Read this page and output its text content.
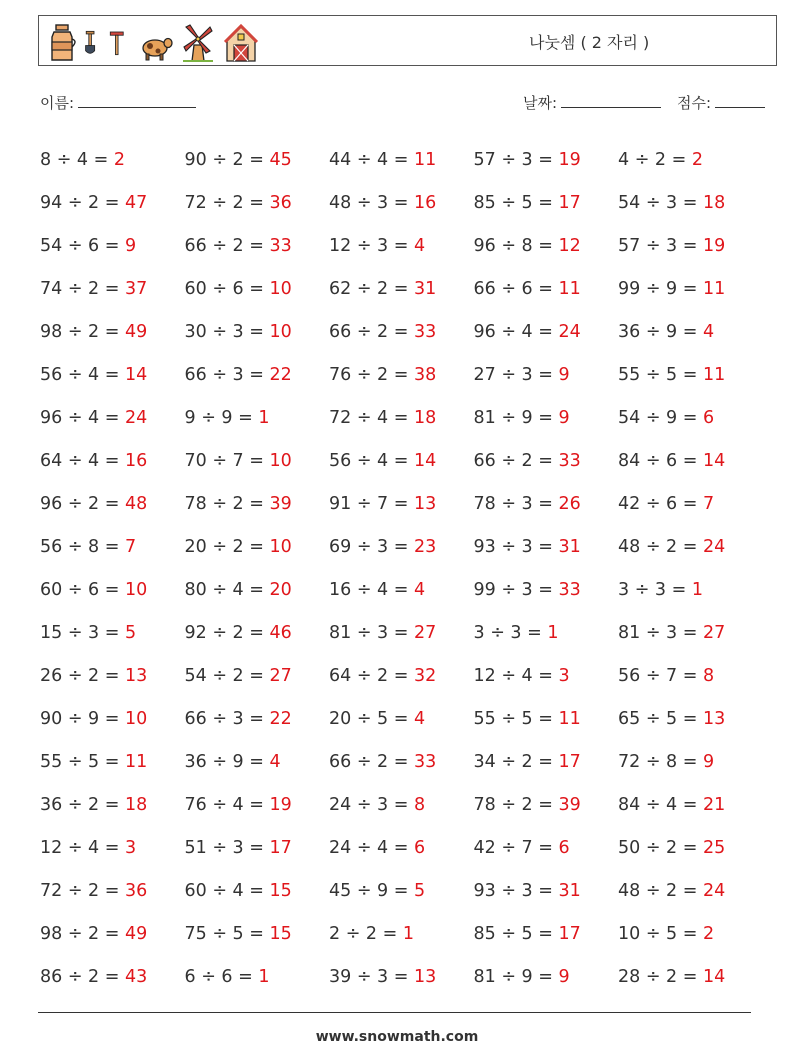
나눗셈 ( 2 자리 )
이름:	날짜:	점수:
8 ÷ 4 = 2	90 ÷ 2 = 45	44 ÷ 4 = 11	57 ÷ 3 = 19	4 ÷ 2 = 2
94 ÷ 2 = 47	72 ÷ 2 = 36	48 ÷ 3 = 16	85 ÷ 5 = 17	54 ÷ 3 = 18
54 ÷ 6 = 9	66 ÷ 2 = 33	12 ÷ 3 = 4	96 ÷ 8 = 12	57 ÷ 3 = 19
74 ÷ 2 = 37	60 ÷ 6 = 10	62 ÷ 2 = 31	66 ÷ 6 = 11	99 ÷ 9 = 11
98 ÷ 2 = 49	30 ÷ 3 = 10	66 ÷ 2 = 33	96 ÷ 4 = 24	36 ÷ 9 = 4
56 ÷ 4 = 14	66 ÷ 3 = 22	76 ÷ 2 = 38	27 ÷ 3 = 9	55 ÷ 5 = 11
96 ÷ 4 = 24	9 ÷ 9 = 1	72 ÷ 4 = 18	81 ÷ 9 = 9	54 ÷ 9 = 6
64 ÷ 4 = 16	70 ÷ 7 = 10	56 ÷ 4 = 14	66 ÷ 2 = 33	84 ÷ 6 = 14
96 ÷ 2 = 48	78 ÷ 2 = 39	91 ÷ 7 = 13	78 ÷ 3 = 26	42 ÷ 6 = 7
56 ÷ 8 = 7	20 ÷ 2 = 10	69 ÷ 3 = 23	93 ÷ 3 = 31	48 ÷ 2 = 24
60 ÷ 6 = 10	80 ÷ 4 = 20	16 ÷ 4 = 4	99 ÷ 3 = 33	3 ÷ 3 = 1
15 ÷ 3 = 5	92 ÷ 2 = 46	81 ÷ 3 = 27	3 ÷ 3 = 1	81 ÷ 3 = 27
26 ÷ 2 = 13	54 ÷ 2 = 27	64 ÷ 2 = 32	12 ÷ 4 = 3	56 ÷ 7 = 8
90 ÷ 9 = 10	66 ÷ 3 = 22	20 ÷ 5 = 4	55 ÷ 5 = 11	65 ÷ 5 = 13
55 ÷ 5 = 11	36 ÷ 9 = 4	66 ÷ 2 = 33	34 ÷ 2 = 17	72 ÷ 8 = 9
36 ÷ 2 = 18	76 ÷ 4 = 19	24 ÷ 3 = 8	78 ÷ 2 = 39	84 ÷ 4 = 21
12 ÷ 4 = 3	51 ÷ 3 = 17	24 ÷ 4 = 6	42 ÷ 7 = 6	50 ÷ 2 = 25
72 ÷ 2 = 36	60 ÷ 4 = 15	45 ÷ 9 = 5	93 ÷ 3 = 31	48 ÷ 2 = 24
98 ÷ 2 = 49	75 ÷ 5 = 15	2 ÷ 2 = 1	85 ÷ 5 = 17	10 ÷ 5 = 2
86 ÷ 2 = 43	6 ÷ 6 = 1	39 ÷ 3 = 13	81 ÷ 9 = 9	28 ÷ 2 = 14
www.snowmath.com
